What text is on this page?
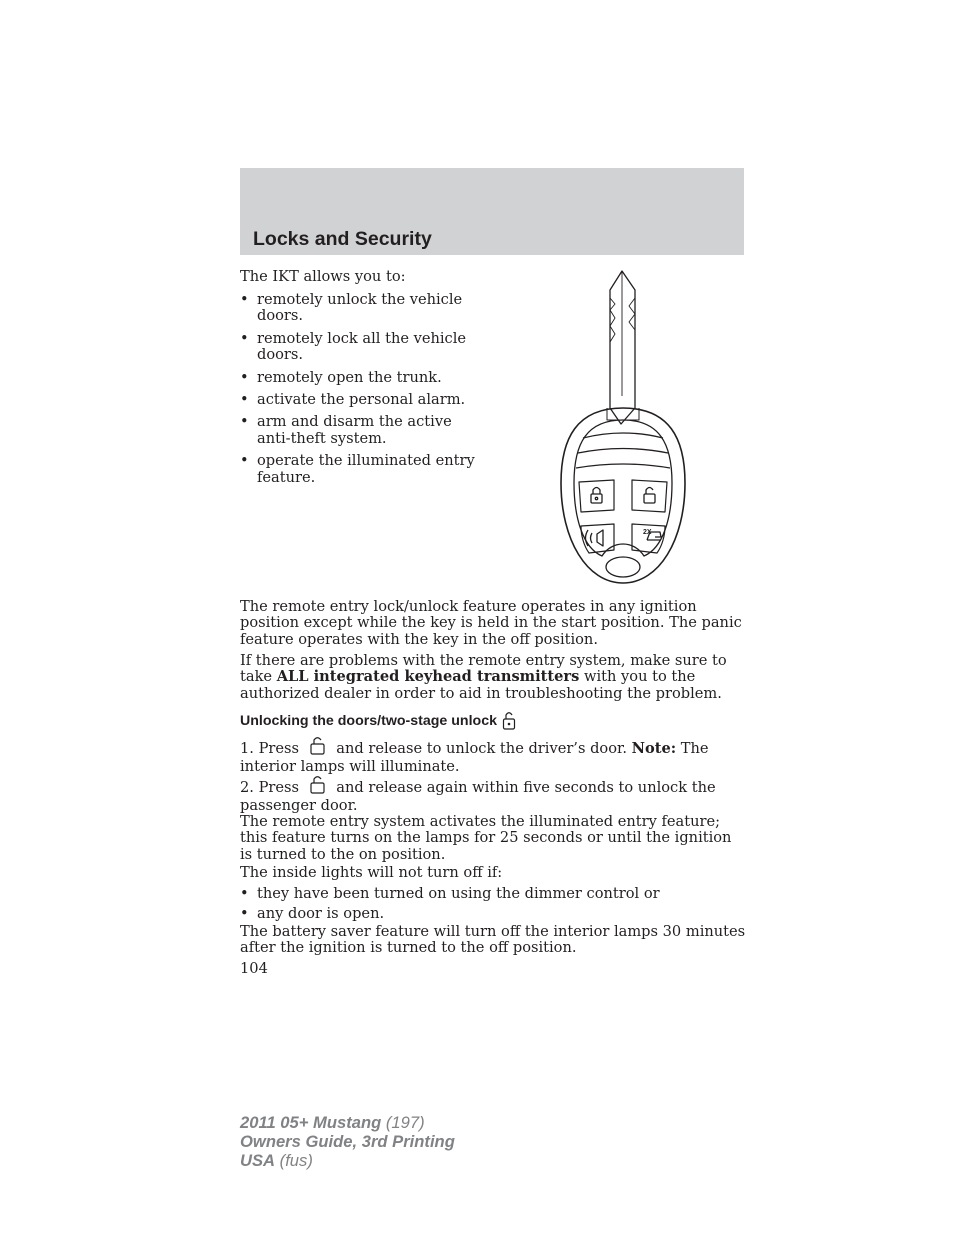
Locks and Security

The IKT allows you to:

• remotely unlock the vehicle doors.
• remotely lock all the vehicle doors.
• remotely open the trunk.
• activate the personal alarm.
• arm and disarm the active anti-theft system.
• operate the illuminated entry feature.
2X

The remote entry lock/unlock feature operates in any ignition position except while the key is held in the start position. The panic feature operates with the key in the off position.

If there are problems with the remote entry system, make sure to take ALL integrated keyhead transmitters with you to the authorized dealer in order to aid in troubleshooting the problem.

Unlocking the doors/two-stage unlock

1. Press	and release to unlock the driver’s door. Note: The interior lamps will illuminate.

2. Press	and release again within five seconds to unlock the passenger door.

The remote entry system activates the illuminated entry feature; this feature turns on the lamps for 25 seconds or until the ignition is turned to the on position.

The inside lights will not turn off if:

• they have been turned on using the dimmer control or
• any door is open.

The battery saver feature will turn off the interior lamps 30 minutes after the ignition is turned to the off position.

104

2011 05+ Mustang (197)
Owners Guide, 3rd Printing
USA (fus)
